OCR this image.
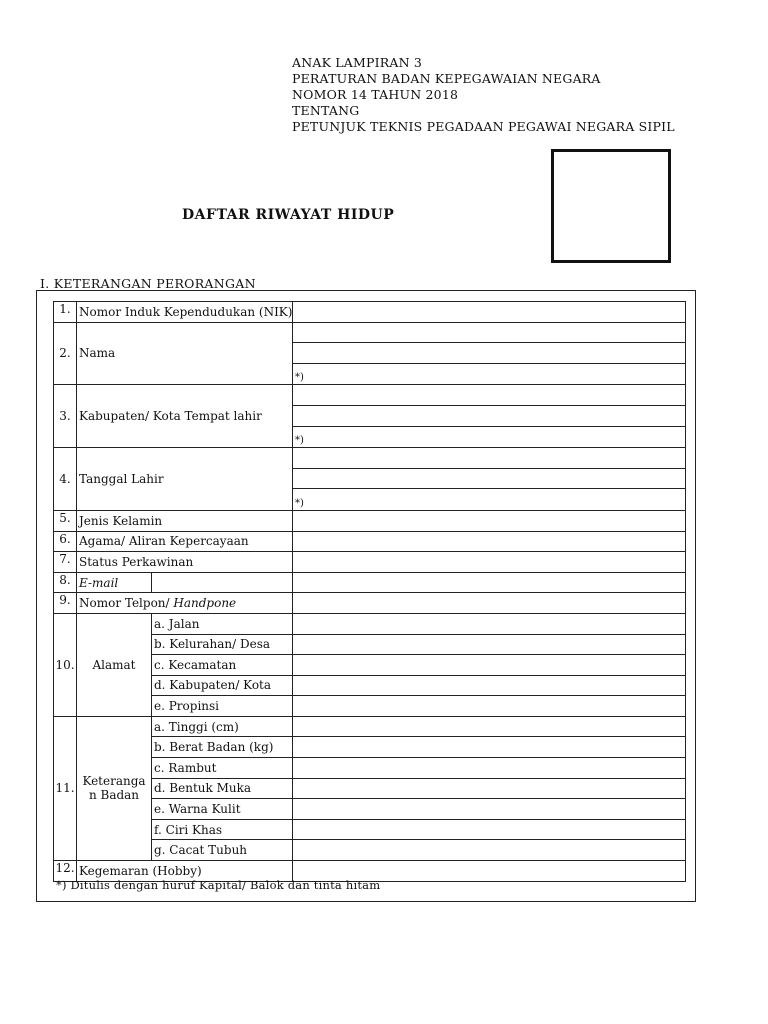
ANAK LAMPIRAN 3
PERATURAN BADAN KEPEGAWAIAN NEGARA
NOMOR 14 TAHUN 2018
TENTANG
PETUNJUK TEKNIS PEGADAAN PEGAWAI NEGARA SIPIL
DAFTAR RIWAYAT HIDUP
I. KETERANGAN PERORANGAN
1.	Nomor Induk Kependudukan (NIK)		
2.	Nama		

			*)
3.	Kabupaten/ Kota Tempat lahir		

			*)
4.	Tanggal Lahir		

			*)
5.	Jenis Kelamin		
6.	Agama/ Aliran Kepercayaan		
7.	Status Perkawinan		
8.	E-mail		
9.	Nomor Telpon/ Handpone		
10.	Alamat	a. Jalan	
		b. Kelurahan/ Desa	
		c. Kecamatan	
		d. Kabupaten/ Kota	
		e. Propinsi	
11.	Keteranga n Badan	a. Tinggi (cm)	
		b. Berat Badan (kg)	
		c. Rambut	
		d. Bentuk Muka	
		e. Warna Kulit	
		f. Ciri Khas	
		g. Cacat Tubuh	
12.	Kegemaran (Hobby)		
*) Ditulis dengan huruf Kapital/ Balok dan tinta hitam
